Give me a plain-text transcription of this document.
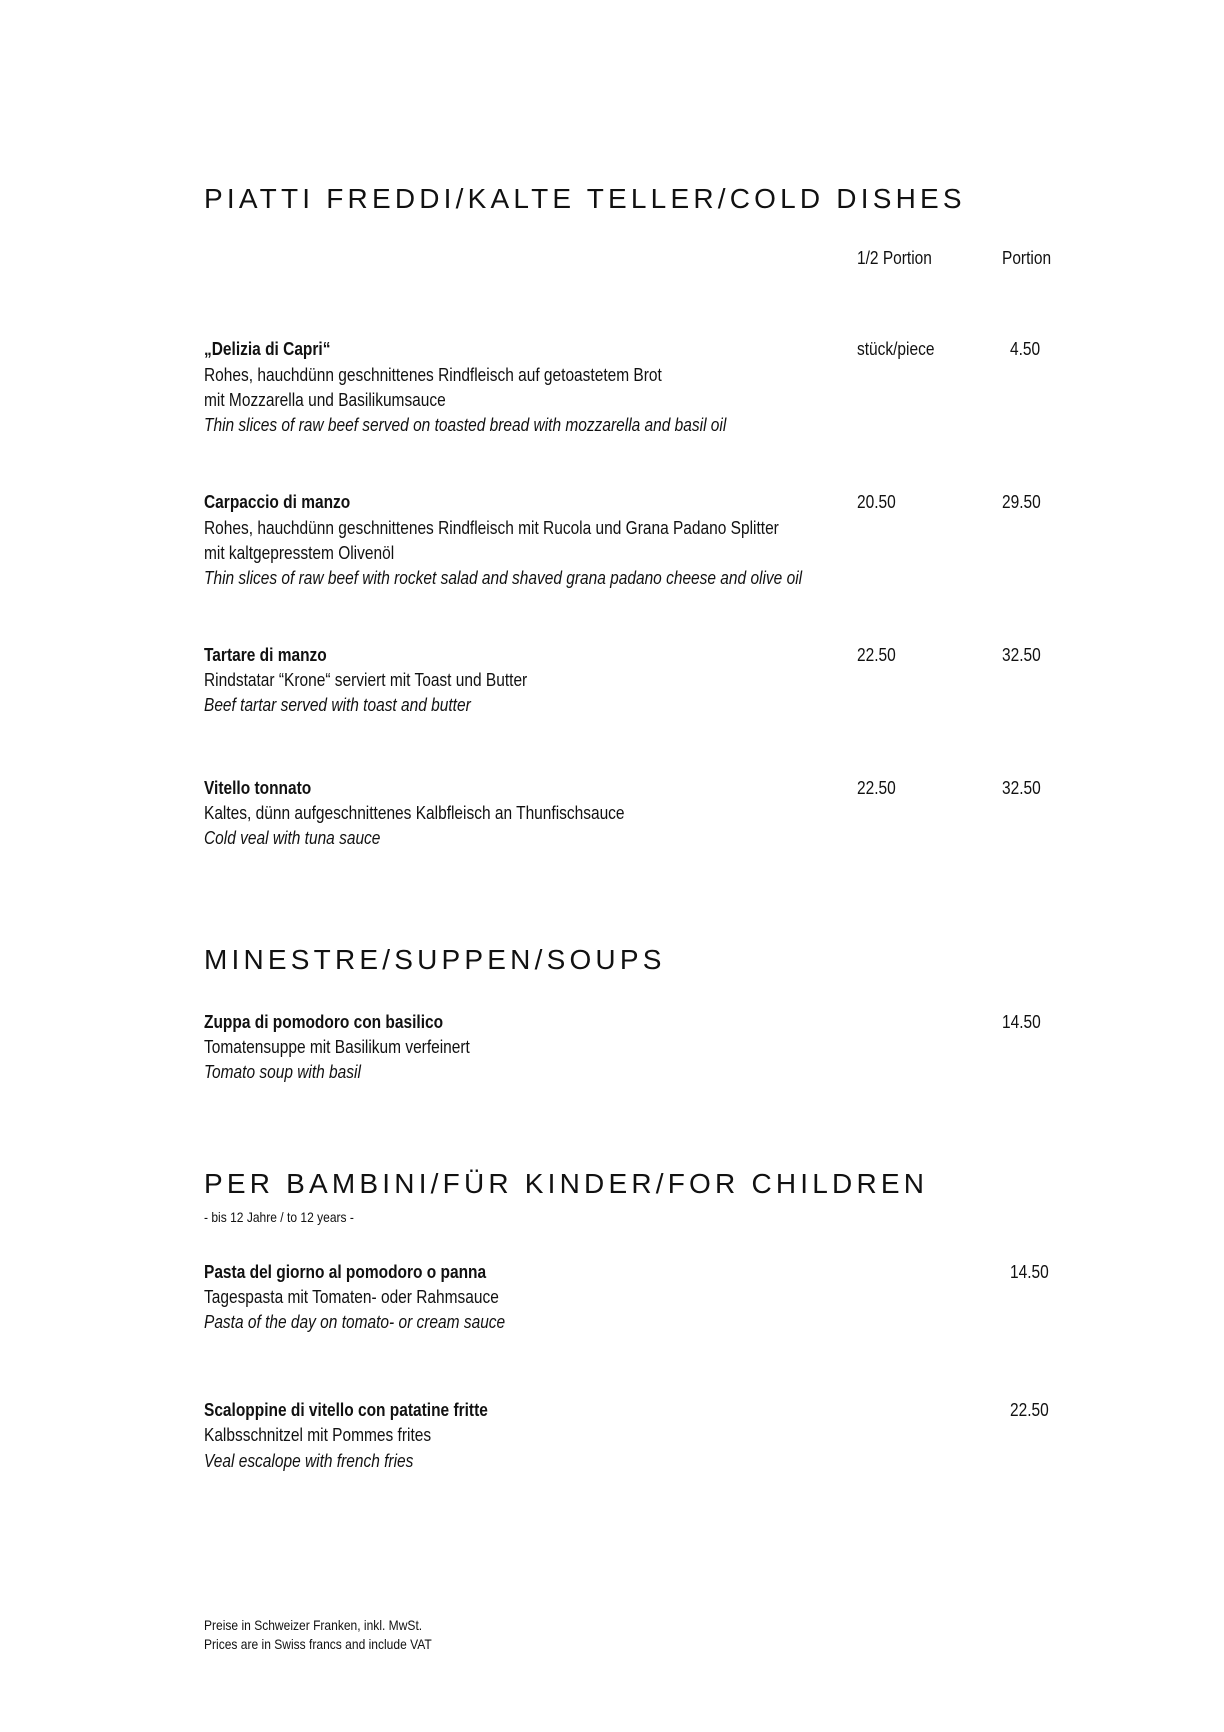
PIATTI FREDDI/KALTE TELLER/COLD DISHES
1/2 Portion	Portion
„Delizia di Capri“
Rohes, hauchdünn geschnittenes Rindfleisch auf getoastetem Brot
mit Mozzarella und Basilikumsauce
Thin slices of raw beef served on toasted bread with mozzarella and basil oil
stück/piece	4.50
Carpaccio di manzo
Rohes, hauchdünn geschnittenes Rindfleisch mit Rucola und Grana Padano Splitter
mit kaltgepresstem Olivenöl
Thin slices of raw beef with rocket salad and shaved grana padano cheese and olive oil
20.50	29.50
Tartare di manzo
Rindstatar “Krone“ serviert mit Toast und Butter
Beef tartar served with toast and butter
22.50	32.50
Vitello tonnato
Kaltes, dünn aufgeschnittenes Kalbfleisch an Thunfischsauce
Cold veal with tuna sauce
22.50	32.50
MINESTRE/SUPPEN/SOUPS
Zuppa di pomodoro con basilico
Tomatensuppe mit Basilikum verfeinert
Tomato soup with basil
14.50
PER BAMBINI/FÜR KINDER/FOR CHILDREN
- bis 12 Jahre / to 12 years -
Pasta del giorno al pomodoro o panna
Tagespasta mit Tomaten- oder Rahmsauce
Pasta of the day on tomato- or cream sauce
14.50
Scaloppine di vitello con patatine fritte
Kalbsschnitzel mit Pommes frites
Veal escalope with french fries
22.50
Preise in Schweizer Franken, inkl. MwSt.
Prices are in Swiss francs and include VAT
